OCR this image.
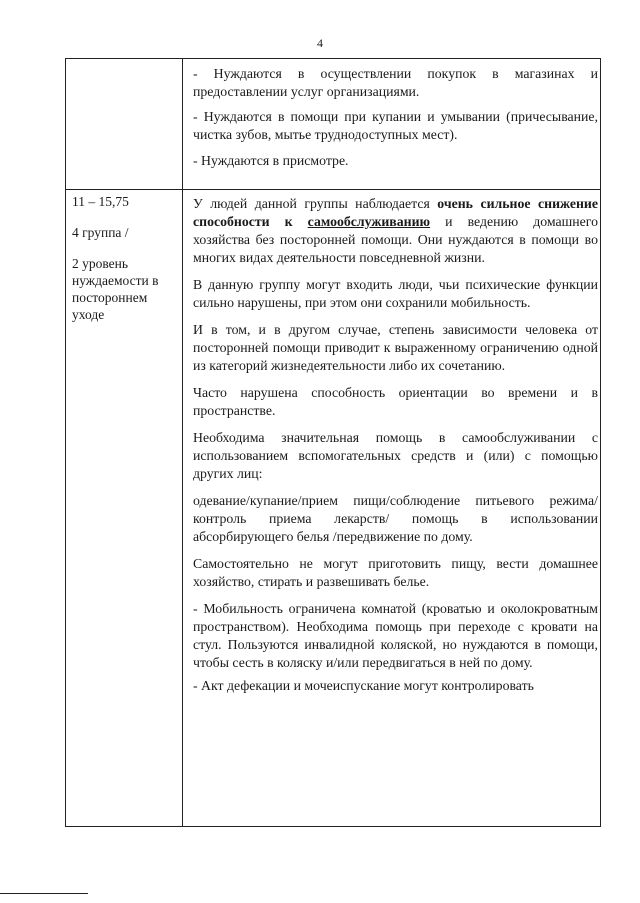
4

- Нуждаются в осуществлении покупок в магазинах и предоставлении услуг организациями.

- Нуждаются в помощи при купании и умывании (причесывание, чистка зубов, мытье труднодоступных мест).

- Нуждаются в присмотре.

11 – 15,75

4 группа /

2 уровень нуждаемости в постороннем уходе

У людей данной группы наблюдается очень сильное снижение способности к самообслуживанию и ведению домашнего хозяйства без посторонней помощи. Они нуждаются в помощи во многих видах деятельности повседневной жизни.

В данную группу могут входить люди, чьи психические функции сильно нарушены, при этом они сохранили мобильность.

И в том, и в другом случае, степень зависимости человека от посторонней помощи приводит к выраженному ограничению одной из категорий жизнедеятельности либо их сочетанию.

Часто нарушена способность ориентации во времени и в пространстве.

Необходима значительная помощь в самообслуживании с использованием вспомогательных средств и (или) с помощью других лиц:

одевание/купание/прием пищи/соблюдение питьевого режима/ контроль приема лекарств/ помощь в использовании абсорбирующего белья /передвижение по дому.

Самостоятельно не могут приготовить пищу, вести домашнее хозяйство, стирать и развешивать белье.

- Мобильность ограничена комнатой (кроватью и околокроватным пространством). Необходима помощь при переходе с кровати на стул. Пользуются инвалидной коляской, но нуждаются в помощи, чтобы сесть в коляску и/или передвигаться в ней по дому.

- Акт дефекации и мочеиспускание могут контролировать
